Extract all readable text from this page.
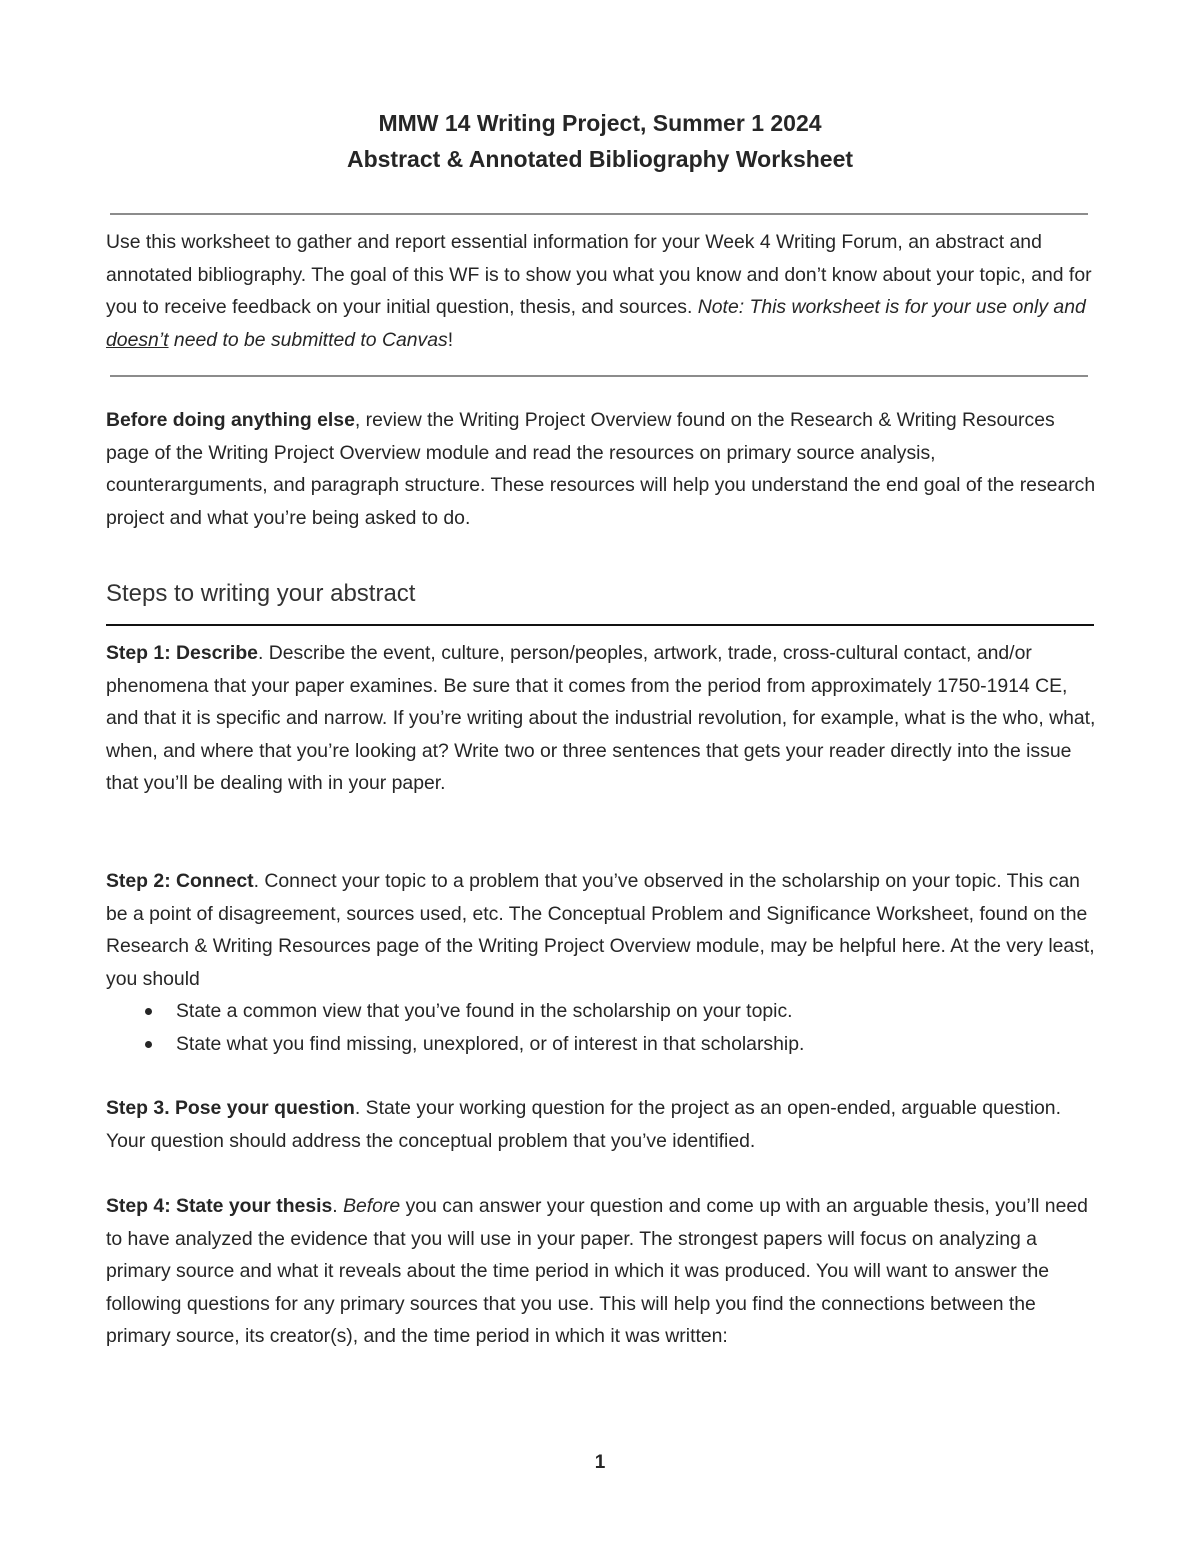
MMW 14 Writing Project, Summer 1 2024
Abstract & Annotated Bibliography Worksheet
Use this worksheet to gather and report essential information for your Week 4 Writing Forum, an abstract and annotated bibliography. The goal of this WF is to show you what you know and don’t know about your topic, and for you to receive feedback on your initial question, thesis, and sources. Note: This worksheet is for your use only and doesn’t need to be submitted to Canvas!
Before doing anything else, review the Writing Project Overview found on the Research & Writing Resources page of the Writing Project Overview module and read the resources on primary source analysis, counterarguments, and paragraph structure. These resources will help you understand the end goal of the research project and what you’re being asked to do.
Steps to writing your abstract
Step 1: Describe. Describe the event, culture, person/peoples, artwork, trade, cross-cultural contact, and/or phenomena that your paper examines. Be sure that it comes from the period from approximately 1750-1914 CE, and that it is specific and narrow. If you’re writing about the industrial revolution, for example, what is the who, what, when, and where that you’re looking at? Write two or three sentences that gets your reader directly into the issue that you’ll be dealing with in your paper.
Step 2: Connect. Connect your topic to a problem that you’ve observed in the scholarship on your topic. This can be a point of disagreement, sources used, etc. The Conceptual Problem and Significance Worksheet, found on the Research & Writing Resources page of the Writing Project Overview module, may be helpful here. At the very least, you should
State a common view that you’ve found in the scholarship on your topic.
State what you find missing, unexplored, or of interest in that scholarship.
Step 3. Pose your question. State your working question for the project as an open-ended, arguable question. Your question should address the conceptual problem that you’ve identified.
Step 4: State your thesis. Before you can answer your question and come up with an arguable thesis, you’ll need to have analyzed the evidence that you will use in your paper. The strongest papers will focus on analyzing a primary source and what it reveals about the time period in which it was produced. You will want to answer the following questions for any primary sources that you use. This will help you find the connections between the primary source, its creator(s), and the time period in which it was written:
1
